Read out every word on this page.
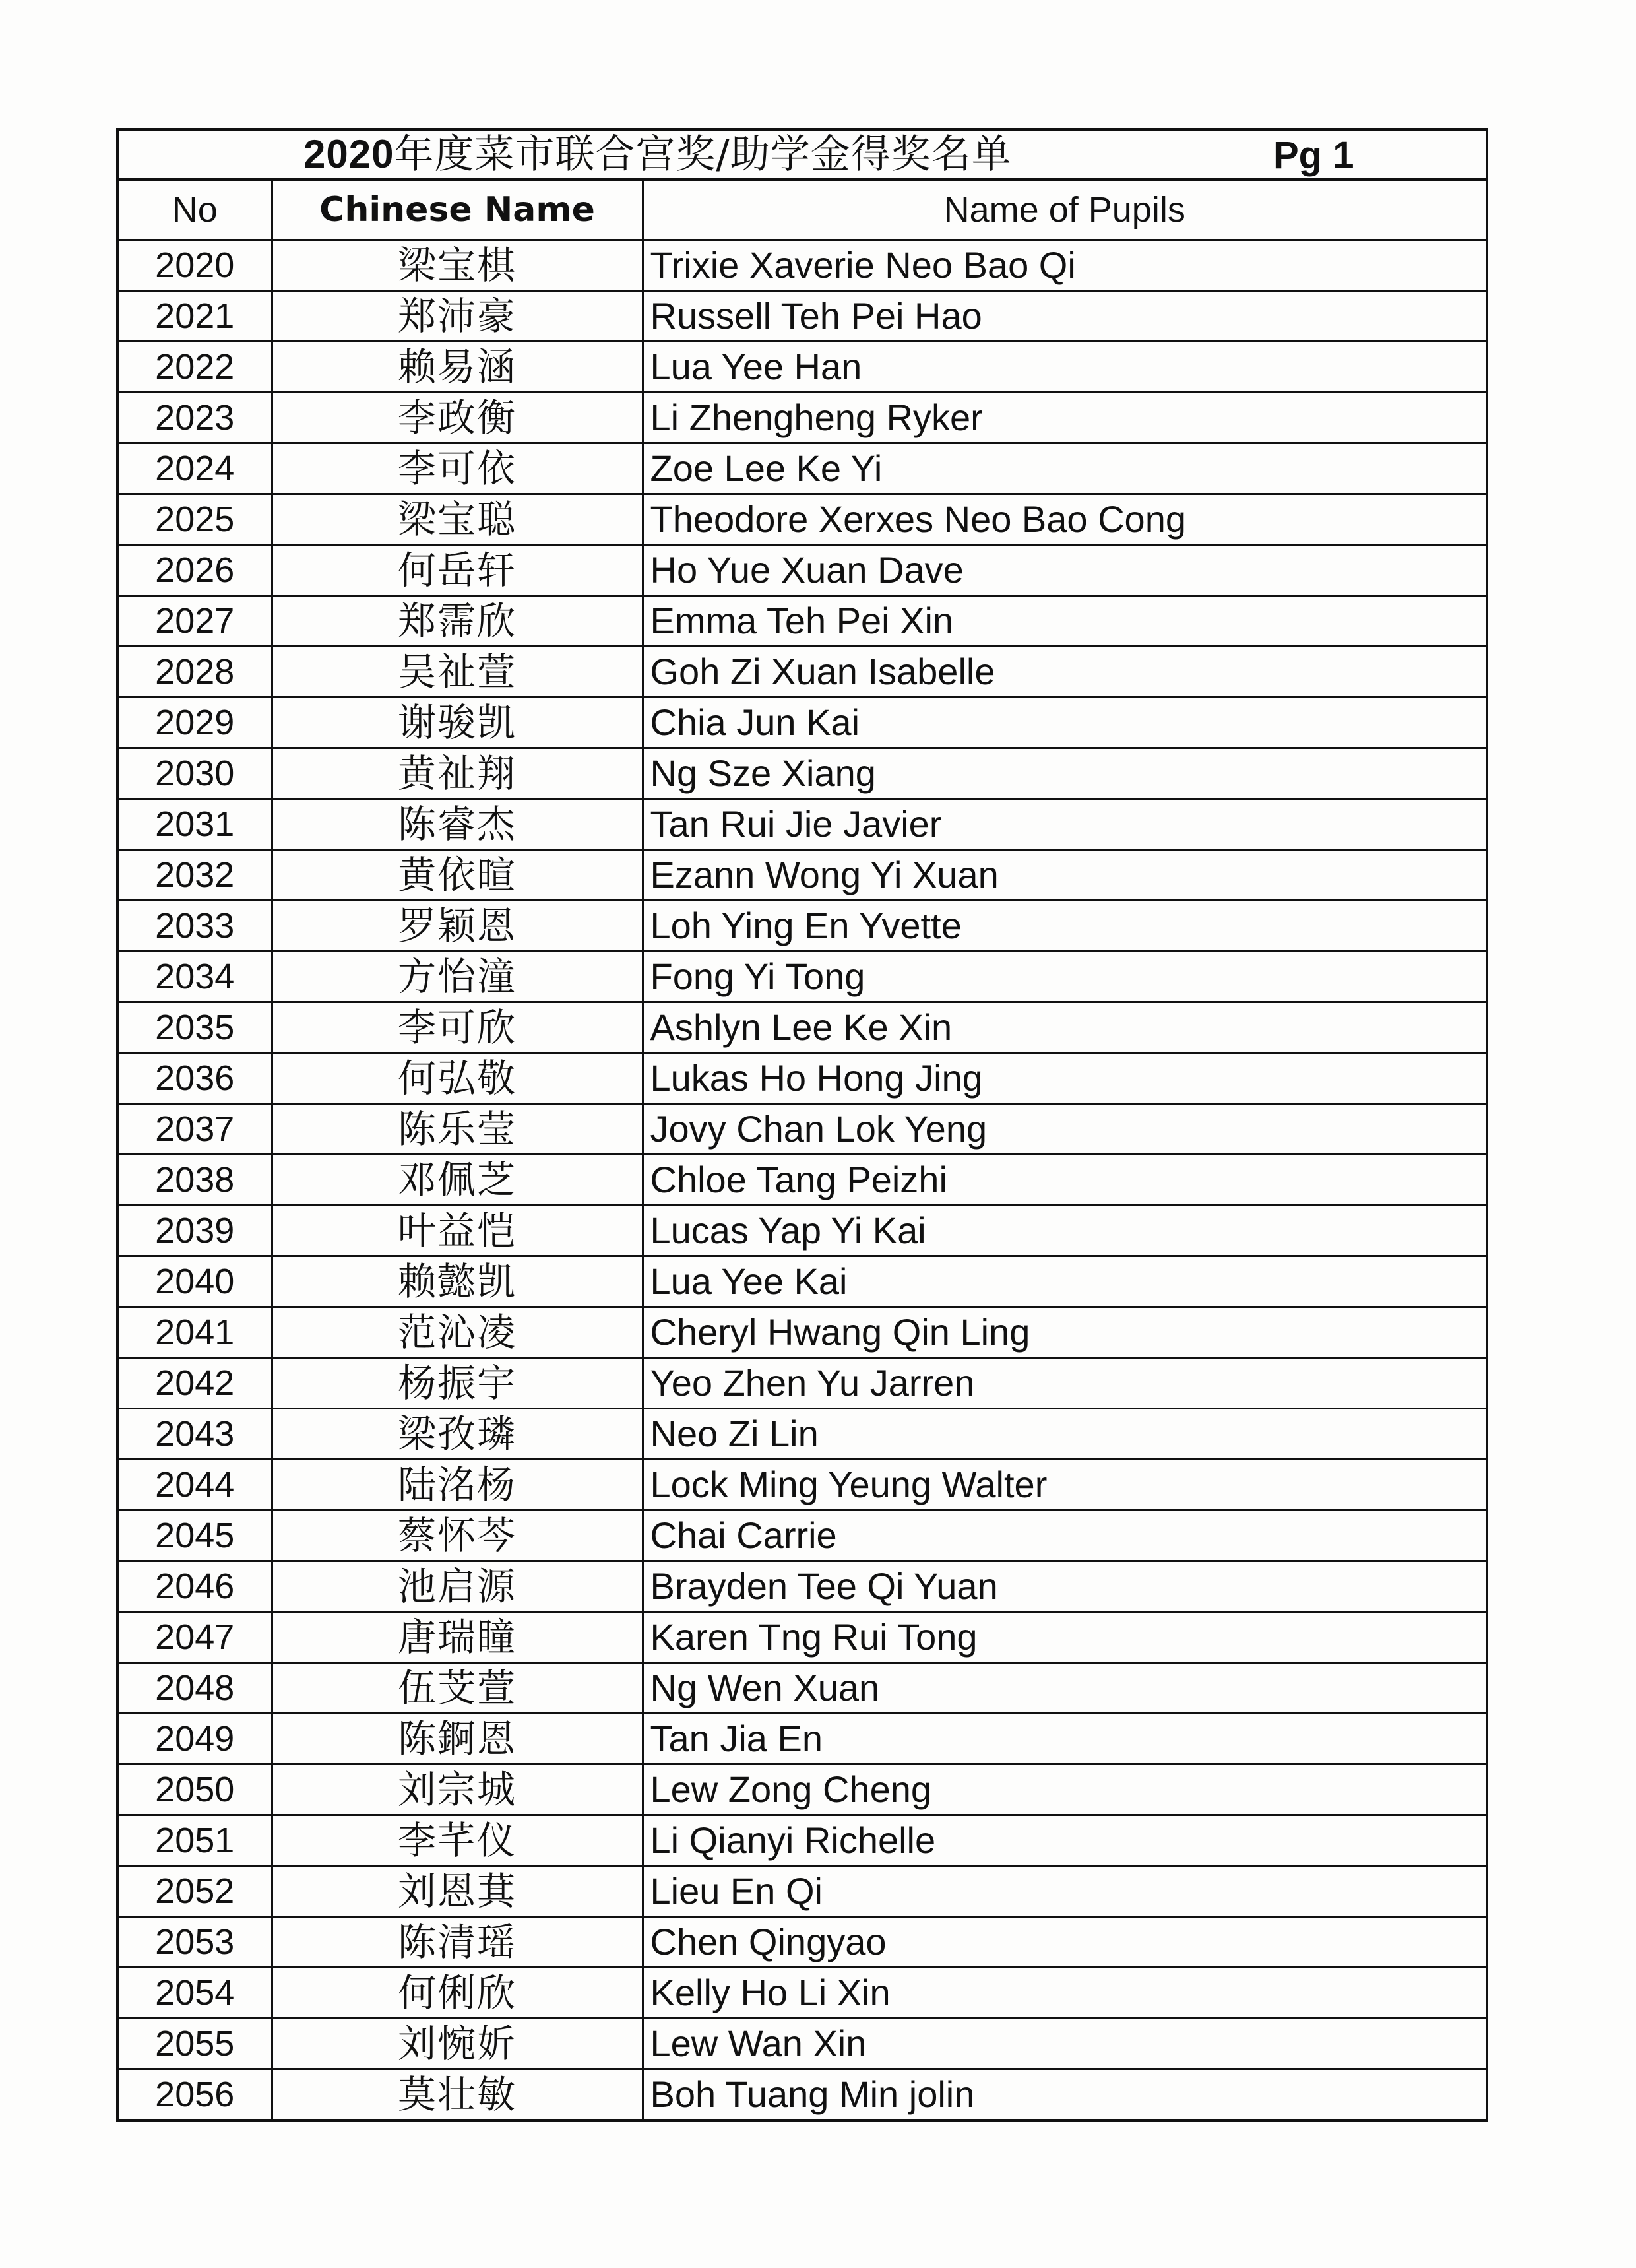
2020年度菜市联合宫奖/助学金得奖名单	Pg 1
No	Chinese Name	Name of Pupils
2020	梁宝棋	Trixie Xaverie Neo Bao Qi
2021	郑沛豪	Russell Teh Pei Hao
2022	赖易涵	Lua Yee Han
2023	李政衡	Li Zhengheng Ryker
2024	李可依	Zoe Lee Ke Yi
2025	梁宝聪	Theodore Xerxes Neo Bao Cong
2026	何岳轩	Ho Yue Xuan Dave
2027	郑霈欣	Emma Teh Pei Xin
2028	吴祉萱	Goh Zi Xuan Isabelle
2029	谢骏凯	Chia Jun Kai
2030	黄祉翔	Ng Sze Xiang
2031	陈睿杰	Tan Rui Jie Javier
2032	黄依暄	Ezann Wong Yi Xuan
2033	罗颖恩	Loh Ying En Yvette
2034	方怡潼	Fong Yi Tong
2035	李可欣	Ashlyn Lee Ke Xin
2036	何弘敬	Lukas Ho Hong Jing
2037	陈乐莹	Jovy Chan Lok Yeng
2038	邓佩芝	Chloe Tang Peizhi
2039	叶益恺	Lucas Yap Yi Kai
2040	赖懿凯	Lua Yee Kai
2041	范沁凌	Cheryl Hwang Qin Ling
2042	杨振宇	Yeo Zhen Yu Jarren
2043	梁孜璘	Neo Zi Lin
2044	陆洺杨	Lock Ming Yeung Walter
2045	蔡怀芩	Chai Carrie
2046	池启源	Brayden Tee Qi Yuan
2047	唐瑞瞳	Karen Tng Rui Tong
2048	伍芠萱	Ng Wen Xuan
2049	陈錒恩	Tan Jia En
2050	刘宗城	Lew Zong Cheng
2051	李芊仪	Li Qianyi Richelle
2052	刘恩萁	Lieu En Qi
2053	陈清瑶	Chen Qingyao
2054	何俐欣	Kelly Ho Li Xin
2055	刘惋妡	Lew Wan Xin
2056	莫壮敏	Boh Tuang Min jolin
